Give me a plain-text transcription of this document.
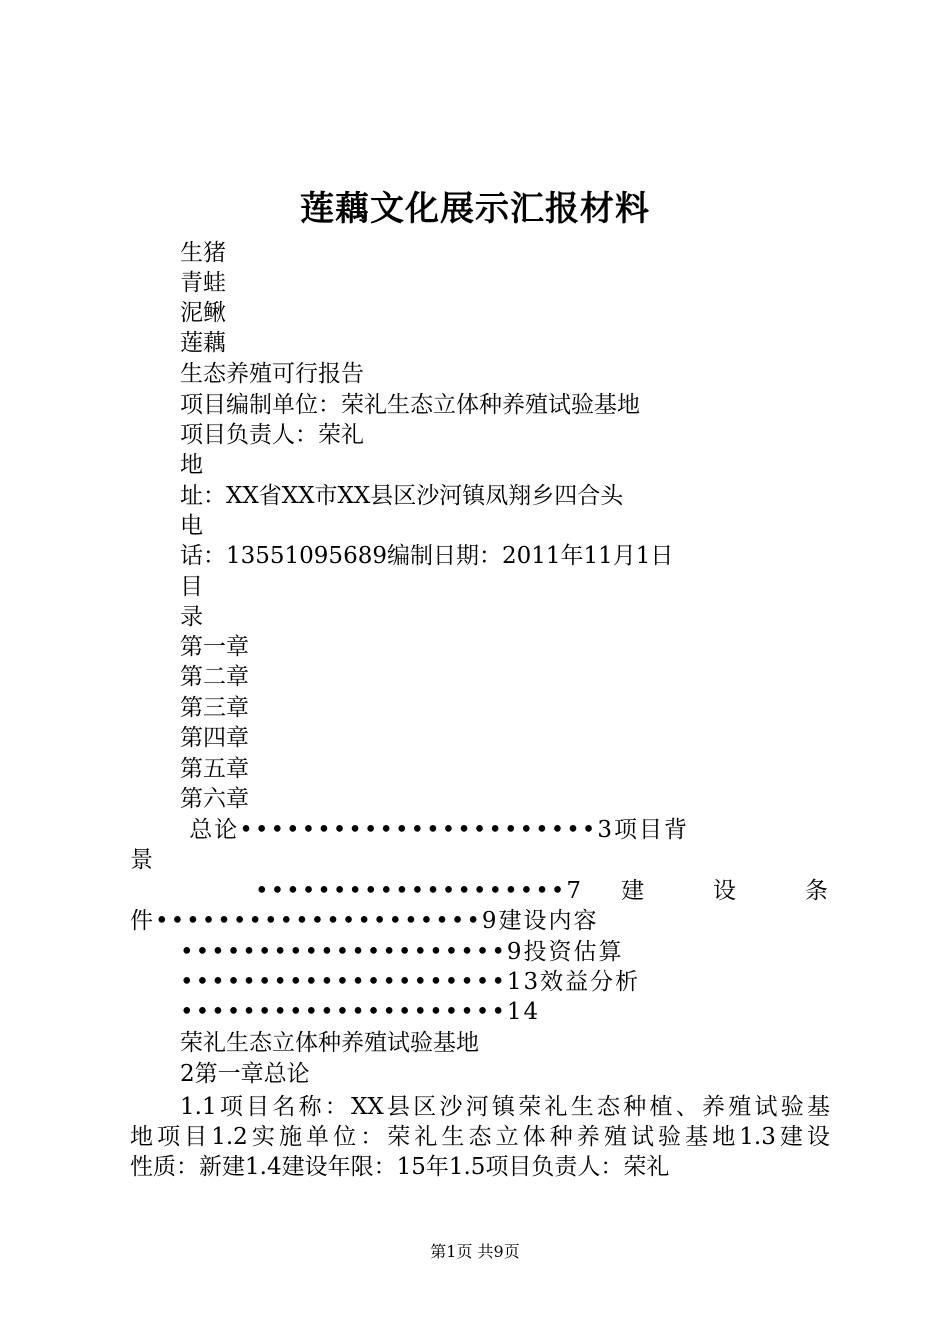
莲藕文化展示汇报材料
生猪
青蛙
泥鳅
莲藕
生态养殖可行报告
项目编制单位：荣礼生态立体种养殖试验基地
项目负责人：荣礼
地
址：XX省XX市XX县区沙河镇凤翔乡四合头
电
话：13551095689编制日期：2011年11月1日
目
录
第一章
第二章
第三章
第四章
第五章
第六章
总论•••••••••••••••••••••••3项目背
景
••••••••••••••••••••7 建 设 条
件•••••••••••••••••••••9建设内容
•••••••••••••••••••••9投资估算
•••••••••••••••••••••13效益分析
•••••••••••••••••••••14
荣礼生态立体种养殖试验基地
2第一章总论
1.1项目名称：XX县区沙河镇荣礼生态种植、养殖试验基
地项目1.2实施单位：荣礼生态立体种养殖试验基地1.3建设
性质：新建1.4建设年限：15年1.5项目负责人：荣礼
第1页 共9页
